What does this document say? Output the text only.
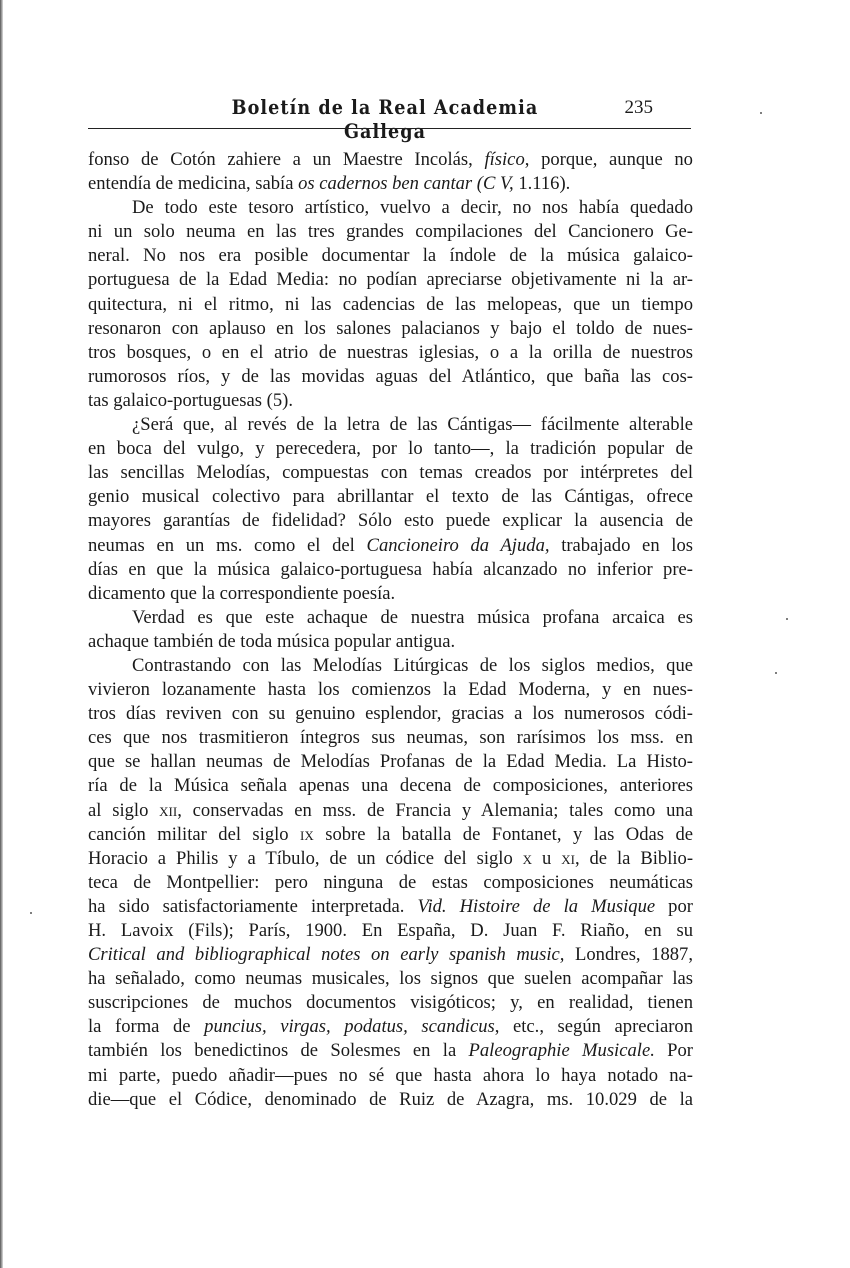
Boletín de la Real Academia Gallega
235
fonso de Cotón zahiere a un Maestre Incolás, físico, porque, aunque no
entendía de medicina, sabía os cadernos ben cantar (C V, 1.116).
De todo este tesoro artístico, vuelvo a decir, no nos había quedado
ni un solo neuma en las tres grandes compilaciones del Cancionero Ge-
neral. No nos era posible documentar la índole de la música galaico-
portuguesa de la Edad Media: no podían apreciarse objetivamente ni la ar-
quitectura, ni el ritmo, ni las cadencias de las melopeas, que un tiempo
resonaron con aplauso en los salones palacianos y bajo el toldo de nues-
tros bosques, o en el atrio de nuestras iglesias, o a la orilla de nuestros
rumorosos ríos, y de las movidas aguas del Atlántico, que baña las cos-
tas galaico-portuguesas (5).
¿Será que, al revés de la letra de las Cántigas— fácilmente alterable
en boca del vulgo, y perecedera, por lo tanto—, la tradición popular de
las sencillas Melodías, compuestas con temas creados por intérpretes del
genio musical colectivo para abrillantar el texto de las Cántigas, ofrece
mayores garantías de fidelidad? Sólo esto puede explicar la ausencia de
neumas en un ms. como el del Cancioneiro da Ajuda, trabajado en los
días en que la música galaico-portuguesa había alcanzado no inferior pre-
dicamento que la correspondiente poesía.
Verdad es que este achaque de nuestra música profana arcaica es
achaque también de toda música popular antigua.
Contrastando con las Melodías Litúrgicas de los siglos medios, que
vivieron lozanamente hasta los comienzos la Edad Moderna, y en nues-
tros días reviven con su genuino esplendor, gracias a los numerosos códi-
ces que nos trasmitieron íntegros sus neumas, son rarísimos los mss. en
que se hallan neumas de Melodías Profanas de la Edad Media. La Histo-
ría de la Música señala apenas una decena de composiciones, anteriores
al siglo xii, conservadas en mss. de Francia y Alemania; tales como una
canción militar del siglo ix sobre la batalla de Fontanet, y las Odas de
Horacio a Philis y a Tíbulo, de un códice del siglo x u xi, de la Biblio-
teca de Montpellier: pero ninguna de estas composiciones neumáticas
ha sido satisfactoriamente interpretada. Vid. Histoire de la Musique por
H. Lavoix (Fils); París, 1900. En España, D. Juan F. Riaño, en su
Critical and bibliographical notes on early spanish music, Londres, 1887,
ha señalado, como neumas musicales, los signos que suelen acompañar las
suscripciones de muchos documentos visigóticos; y, en realidad, tienen
la forma de puncius, virgas, podatus, scandicus, etc., según apreciaron
también los benedictinos de Solesmes en la Paleographie Musicale. Por
mi parte, puedo añadir—pues no sé que hasta ahora lo haya notado na-
die—que el Códice, denominado de Ruiz de Azagra, ms. 10.029 de la
